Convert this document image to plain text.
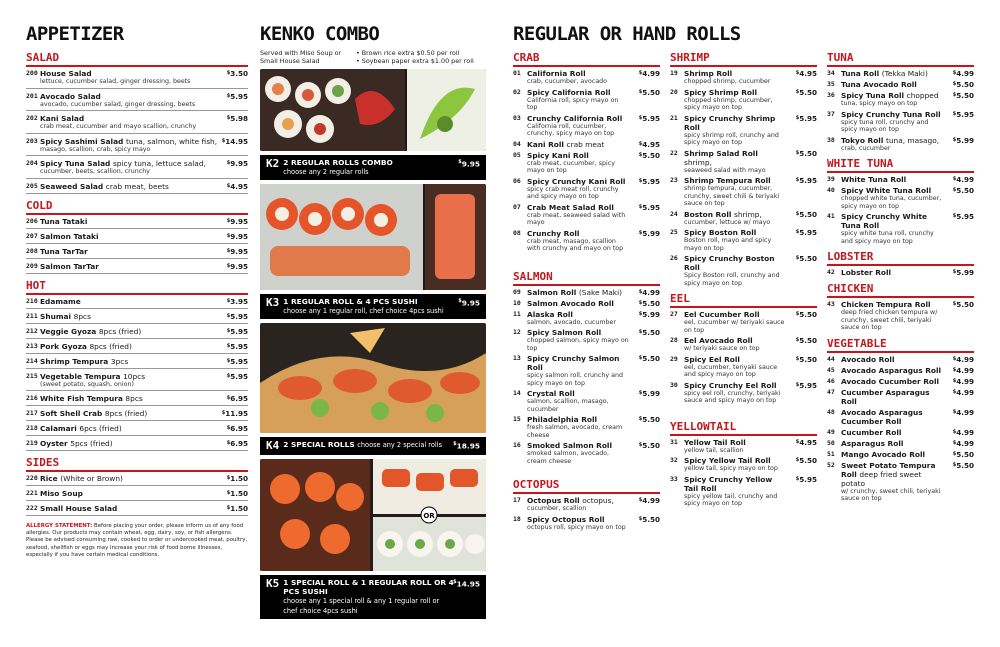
APPETIZER
SALAD
200 House Salad
lettuce, cucumber salad, ginger dressing, beets
$3.50
201 Avocado Salad
avocado, cucumber salad, ginger dressing, beets
$5.95
202 Kani Salad
crab meat, cucumber and mayo scallion, crunchy
$5.98
203 Spicy Sashimi Salad tuna, salmon, white fish,
masago, scallion, crab, spicy mayo
$14.95
204 Spicy Tuna Salad spicy tuna, lettuce salad,
cucumber, beets, scallion, crunchy
$9.95
205 Seaweed Salad crab meat, beets	$4.95
COLD
206 Tuna Tataki	$9.95
207 Salmon Tataki	$9.95
208 Tuna TarTar	$9.95
209 Salmon TarTar	$9.95
HOT
210 Edamame	$3.95
211 Shumai 8pcs	$5.95
212 Veggie Gyoza 8pcs (fried)	$5.95
213 Pork Gyoza 8pcs (fried)	$5.95
214 Shrimp Tempura 3pcs	$5.95
215 Vegetable Tempura 10pcs
(sweet potato, squash, onion)
$5.95
216 White Fish Tempura 8pcs	$6.95
217 Soft Shell Crab 8pcs (fried)	$11.95
218 Calamari 6pcs (fried)	$6.95
219 Oyster 5pcs (fried)	$6.95
SIDES
220 Rice (White or Brown)	$1.50
221 Miso Soup	$1.50
222 Small House Salad	$1.50
ALLERGY STATEMENT: Before placing your order, please inform us of any food allergies. Our products may contain wheat, egg, dairy, soy, or fish allergens. Please be advised consuming raw, cooked to order or undercooked meat, poultry, seafood, shellfish or eggs may increase your risk of food borne illnesses, especially if you have certain medical conditions.
KENKO COMBO
Served with Miso Soup or Small House Salad
• Brown rice extra $0.50 per roll
• Soybean paper extra $1.00 per roll
K2 2 REGULAR ROLLS COMBO
choose any 2 regular rolls
$9.95
K3 1 REGULAR ROLL & 4 PCS SUSHI
choose any 1 regular roll, chef choice 4pcs sushi
$9.95
K4 2 SPECIAL ROLLS choose any 2 special rolls	$18.95
OR
K5 1 SPECIAL ROLL & 1 REGULAR ROLL OR 4 PCS SUSHI
choose any 1 special roll & any 1 regular roll or chef choice 4pcs sushi
$14.95
REGULAR OR HAND ROLLS
CRAB
01 California Roll
crab, cucumber, avocado
$4.99
02 Spicy California Roll
California roll, spicy mayo on top
$5.50
03 Crunchy California Roll
California roll, cucumber, crunchy, spicy mayo on top
$5.95
04 Kani Roll crab meat	$4.95
05 Spicy Kani Roll
crab meat, cucumber, spicy mayo on top
$5.50
06 Spicy Crunchy Kani Roll
spicy crab meat roll, crunchy and spicy mayo on top
$5.95
07 Crab Meat Salad Roll
crab meat, seaweed salad with mayo
$5.95
08 Crunchy Roll
crab meat, masago, scallion with crunchy and mayo on top
$5.99
SALMON
09 Salmon Roll (Sake Maki)	$4.99
10 Salmon Avocado Roll	$5.50
11 Alaska Roll
salmon, avocado, cucumber
$5.99
12 Spicy Salmon Roll
chopped salmon, spicy mayo on top
$5.50
13 Spicy Crunchy Salmon Roll
spicy salmon roll, crunchy and spicy mayo on top
$5.50
14 Crystal Roll
salmon, scallion, masago, cucumber
$5.99
15 Philadelphia Roll
fresh salmon, avocado, cream cheese
$5.50
16 Smoked Salmon Roll
smoked salmon, avocado, cream cheese
$5.50
OCTOPUS
17 Octopus Roll octopus,
cucumber, scallion
$4.99
18 Spicy Octopus Roll
octopus roll, spicy mayo on top
$5.50
SHRIMP
19 Shrimp Roll
chopped shrimp, cucumber
$4.95
20 Spicy Shrimp Roll
chopped shrimp, cucumber, spicy mayo on top
$5.50
21 Spicy Crunchy Shrimp Roll
spicy shrimp roll, crunchy and spicy mayo on top
$5.95
22 Shrimp Salad Roll shrimp,
seaweed salad with mayo
$5.50
23 Shrimp Tempura Roll
shrimp tempura, cucumber, crunchy, sweet chili & teriyaki sauce on top
$5.95
24 Boston Roll shrimp,
cucumber, lettuce w/ mayo
$5.50
25 Spicy Boston Roll
Boston roll, mayo and spicy mayo on top
$5.95
26 Spicy Crunchy Boston Roll
Spicy Boston roll, crunchy and spicy mayo on top
$5.50
EEL
27 Eel Cucumber Roll
eel, cucumber w/ teriyaki sauce on top
$5.50
28 Eel Avocado Roll
w/ teriyaki sauce on top
$5.50
29 Spicy Eel Roll
eel, cucumber, teriyaki sauce and spicy mayo on top
$5.50
30 Spicy Crunchy Eel Roll
spicy eel roll, crunchy, teriyaki sauce and spicy mayo on top
$5.95
YELLOWTAIL
31 Yellow Tail Roll
yellow tail, scallion
$4.95
32 Spicy Yellow Tail Roll
yellow tail, spicy mayo on top
$5.50
33 Spicy Crunchy Yellow Tail Roll
spicy yellow tail, crunchy and spicy mayo on top
$5.95
TUNA
34 Tuna Roll (Tekka Maki)	$4.99
35 Tuna Avocado Roll	$5.50
36 Spicy Tuna Roll chopped
tuna, spicy mayo on top
$5.50
37 Spicy Crunchy Tuna Roll
spicy tuna roll, crunchy and spicy mayo on top
$5.95
38 Tokyo Roll tuna, masago,
crab, cucumber
$5.99
WHITE TUNA
39 White Tuna Roll	$4.99
40 Spicy White Tuna Roll
chopped white tuna, cucumber, spicy mayo on top
$5.50
41 Spicy Crunchy White Tuna Roll
spicy white tuna roll, crunchy and spicy mayo on top
$5.95
LOBSTER
42 Lobster Roll	$5.99
CHICKEN
43 Chicken Tempura Roll
deep fried chicken tempura w/ crunchy, sweet chili, teriyaki sauce on top
$5.50
VEGETABLE
44 Avocado Roll	$4.99
45 Avocado Asparagus Roll	$4.99
46 Avocado Cucumber Roll	$4.99
47 Cucumber Asparagus Roll
$4.99
48 Avocado Asparagus Cucumber Roll
$4.99
49 Cucumber Roll	$4.99
50 Asparagus Roll	$4.99
51 Mango Avocado Roll	$5.50
52 Sweet Potato Tempura Roll deep fried sweet potato
w/ crunchy, sweet chili, teriyaki sauce on top
$5.50
